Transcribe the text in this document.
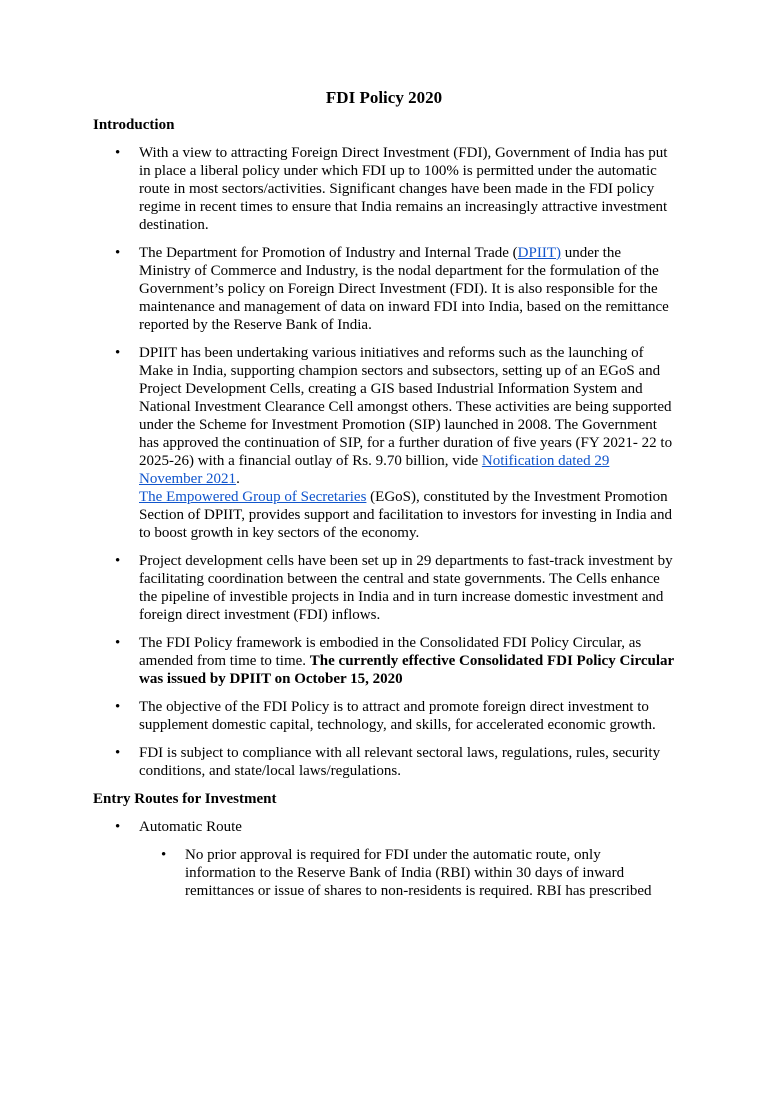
FDI Policy 2020
Introduction
• With a view to attracting Foreign Direct Investment (FDI), Government of India has put in place a liberal policy under which FDI up to 100% is permitted under the automatic route in most sectors/activities. Significant changes have been made in the FDI policy regime in recent times to ensure that India remains an increasingly attractive investment destination.
• The Department for Promotion of Industry and Internal Trade (DPIIT) under the Ministry of Commerce and Industry, is the nodal department for the formulation of the Government’s policy on Foreign Direct Investment (FDI). It is also responsible for the maintenance and management of data on inward FDI into India, based on the remittance reported by the Reserve Bank of India.
• DPIIT has been undertaking various initiatives and reforms such as the launching of Make in India, supporting champion sectors and subsectors, setting up of an EGoS and Project Development Cells, creating a GIS based Industrial Information System and National Investment Clearance Cell amongst others. These activities are being supported under the Scheme for Investment Promotion (SIP) launched in 2008. The Government has approved the continuation of SIP, for a further duration of five years (FY 2021- 22 to 2025-26) with a financial outlay of Rs. 9.70 billion, vide Notification dated 29 November 2021.
The Empowered Group of Secretaries (EGoS), constituted by the Investment Promotion Section of DPIIT, provides support and facilitation to investors for investing in India and to boost growth in key sectors of the economy.
• Project development cells have been set up in 29 departments to fast-track investment by facilitating coordination between the central and state governments. The Cells enhance the pipeline of investible projects in India and in turn increase domestic investment and foreign direct investment (FDI) inflows.
• The FDI Policy framework is embodied in the Consolidated FDI Policy Circular, as amended from time to time. The currently effective Consolidated FDI Policy Circular was issued by DPIIT on October 15, 2020
• The objective of the FDI Policy is to attract and promote foreign direct investment to supplement domestic capital, technology, and skills, for accelerated economic growth.
• FDI is subject to compliance with all relevant sectoral laws, regulations, rules, security conditions, and state/local laws/regulations.
Entry Routes for Investment
• Automatic Route
• No prior approval is required for FDI under the automatic route, only information to the Reserve Bank of India (RBI) within 30 days of inward remittances or issue of shares to non-residents is required. RBI has prescribed
